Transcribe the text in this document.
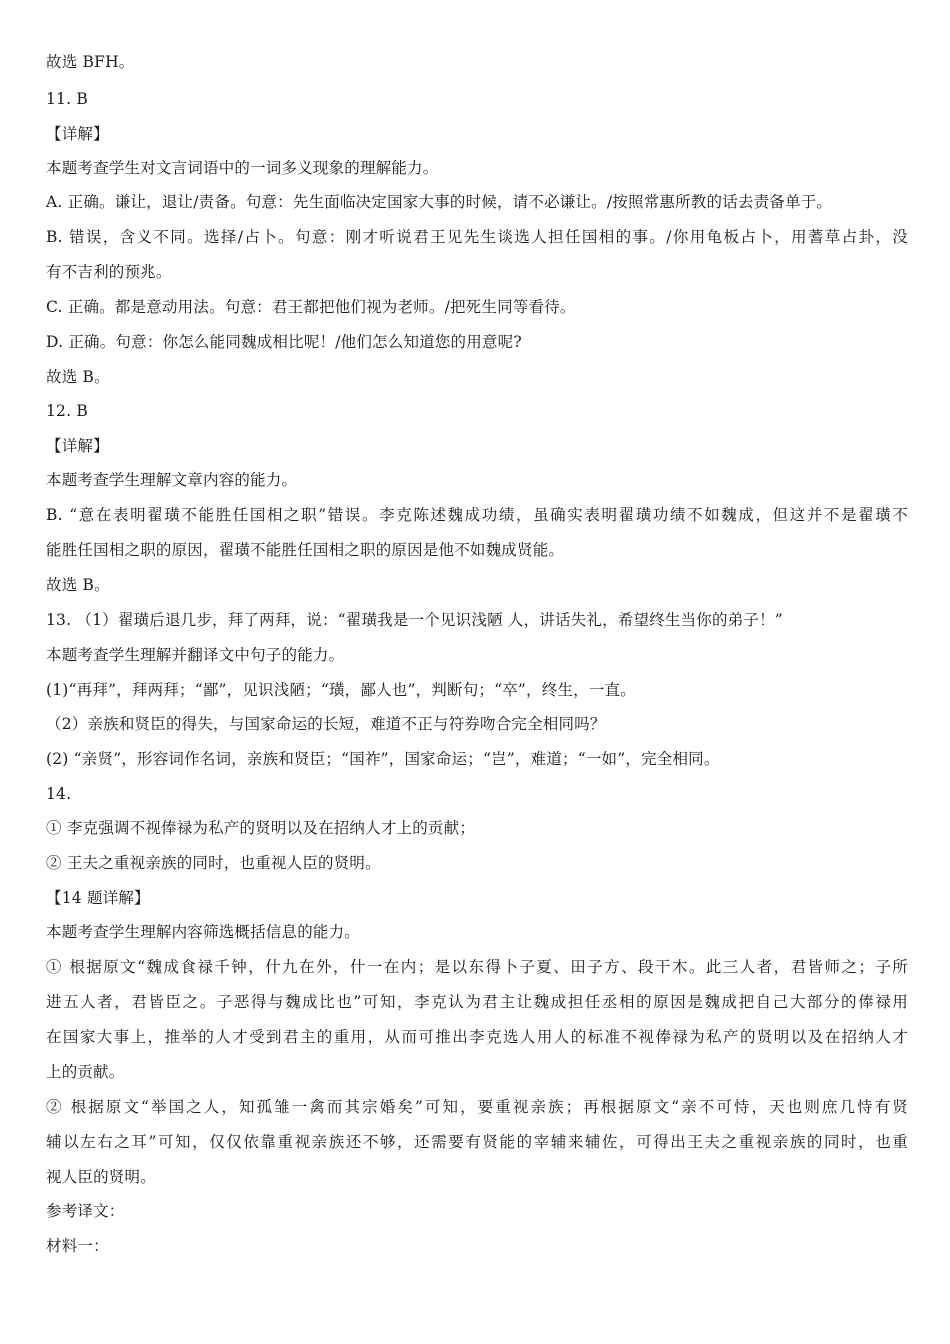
故选 BFH。
11. B
【详解】
本题考查学生对文言词语中的一词多义现象的理解能力。
A. 正确。谦让，退让/责备。句意：先生面临决定国家大事的时候，请不必谦让。/按照常惠所教的话去责备单于。
B. 错误，含义不同。选择/占卜。句意：刚才听说君王见先生谈选人担任国相的事。/你用龟板占卜，用蓍草占卦，没
有不吉利的预兆。
C. 正确。都是意动用法。句意：君王都把他们视为老师。/把死生同等看待。
D. 正确。句意：你怎么能同魏成相比呢！/他们怎么知道您的用意呢?
故选 B。
12. B
【详解】
本题考查学生理解文章内容的能力。
B. “意在表明翟璜不能胜任国相之职”错误。李克陈述魏成功绩，虽确实表明翟璜功绩不如魏成，但这并不是翟璜不
能胜任国相之职的原因，翟璜不能胜任国相之职的原因是他不如魏成贤能。
故选 B。
13. （1）翟璜后退几步，拜了两拜，说：“翟璜我是一个见识浅陋 人，讲话失礼，希望终生当你的弟子！”
本题考查学生理解并翻译文中句子的能力。
(1)“再拜”，拜两拜；“鄙”，见识浅陋；“璜，鄙人也”，判断句；“卒”，终生，一直。
（2）亲族和贤臣的得失，与国家命运的长短，难道不正与符券吻合完全相同吗？
(2) “亲贤”，形容词作名词，亲族和贤臣；“国祚”，国家命运；“岂”，难道；“一如”，完全相同。
14.
① 李克强调不视俸禄为私产的贤明以及在招纳人才上的贡献；
② 王夫之重视亲族的同时，也重视人臣的贤明。
【14 题详解】
本题考查学生理解内容筛选概括信息的能力。
① 根据原文“魏成食禄千钟，什九在外，什一在内；是以东得卜子夏、田子方、段干木。此三人者，君皆师之；子所
进五人者，君皆臣之。子恶得与魏成比也”可知，李克认为君主让魏成担任丞相的原因是魏成把自己大部分的俸禄用
在国家大事上，推举的人才受到君主的重用，从而可推出李克选人用人的标准不视俸禄为私产的贤明以及在招纳人才
上的贡献。
② 根据原文“举国之人，知孤雏一禽而其宗婚矣”可知，要重视亲族；再根据原文“亲不可恃，天也则庶几恃有贤
辅以左右之耳”可知，仅仅依靠重视亲族还不够，还需要有贤能的宰辅来辅佐，可得出王夫之重视亲族的同时，也重
视人臣的贤明。
参考译文：
材料一：
